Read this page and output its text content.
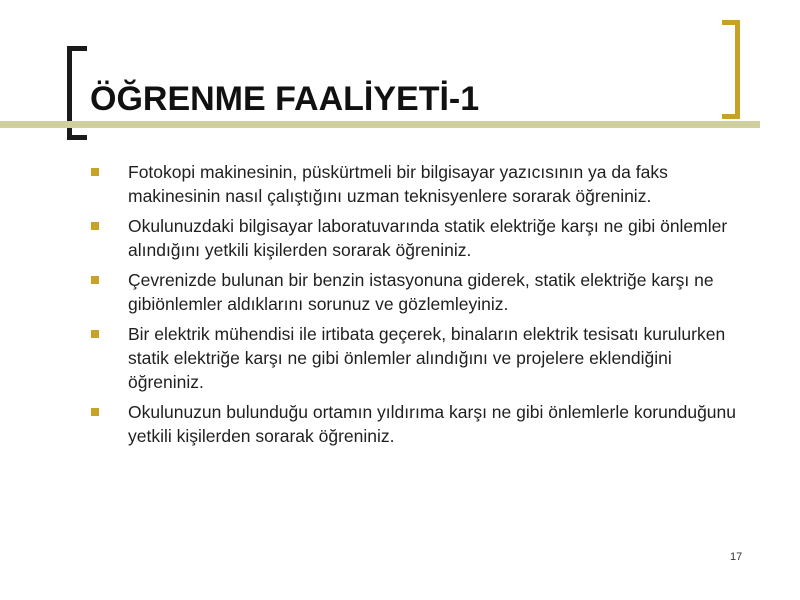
ÖĞRENME FAALİYETİ-1
Fotokopi makinesinin, püskürtmeli bir bilgisayar yazıcısının ya da faks makinesinin nasıl çalıştığını uzman teknisyenlere sorarak öğreniniz.
Okulunuzdaki bilgisayar laboratuvarında statik elektriğe karşı ne gibi önlemler alındığını yetkili kişilerden sorarak öğreniniz.
Çevrenizde bulunan bir benzin istasyonuna giderek, statik elektriğe karşı ne gibiönlemler aldıklarını sorunuz ve gözlemleyiniz.
Bir elektrik mühendisi ile irtibata geçerek, binaların elektrik tesisatı kurulurken statik elektriğe karşı ne gibi önlemler alındığını ve projelere eklendiğini öğreniniz.
Okulunuzun bulunduğu ortamın yıldırıma karşı ne gibi önlemlerle korunduğunu yetkili kişilerden sorarak öğreniniz.
17
